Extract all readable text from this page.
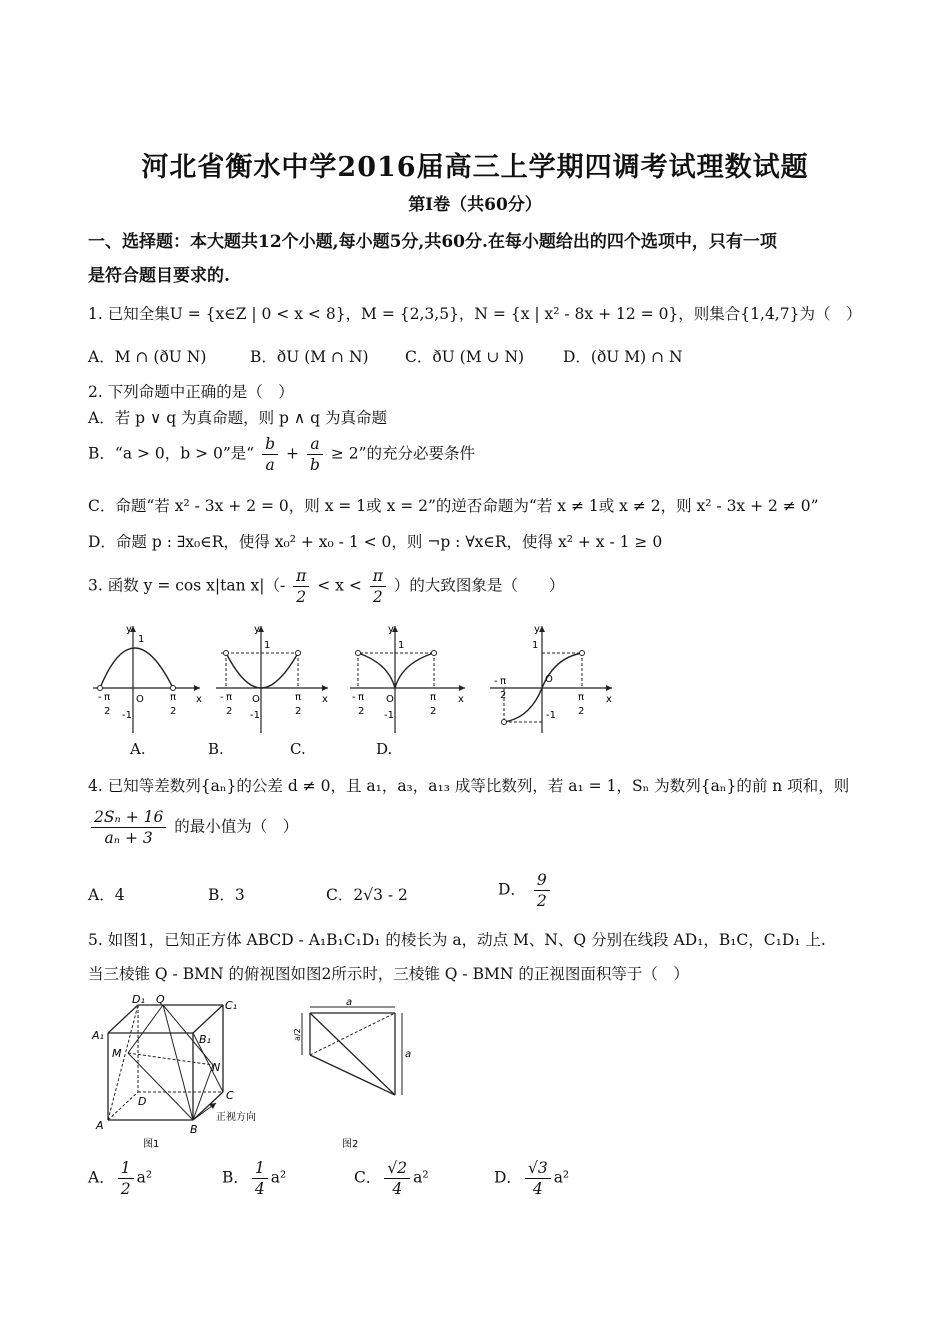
河北省衡水中学2016届高三上学期四调考试理数试题
第Ⅰ卷（共60分）
一、选择题：本大题共12个小题,每小题5分,共60分.在每小题给出的四个选项中，只有一项
是符合题目要求的.
1. 已知全集U = {x∈Z | 0 < x < 8}，M = {2,3,5}，N = {x | x² - 8x + 12 = 0}，则集合{1,4,7}为（　）
A．M ∩ (ðU N)	B．ðU (M ∩ N) C．ðU (M ∪ N)	D．(ðU M) ∩ N
2. 下列命题中正确的是（　）
A．若 p ∨ q 为真命题，则 p ∧ q 为真命题
B．“a > 0，b > 0”是“ $\frac{b}{a} + \frac{a}{b} \ge 2$”的充分必要条件
C．命题“若 x² - 3x + 2 = 0，则 x = 1或 x = 2”的逆否命题为“若 x ≠ 1或 x ≠ 2，则 x² - 3x + 2 ≠ 0”
D．命题 p : ∃x₀∈R，使得 x₀² + x₀ - 1 < 0，则 ¬p : ∀x∈R，使得 x² + x - 1 ≥ 0
3. 函数 y = cos x|tan $x|(- \frac{\pi}{2} < x < \frac{\pi}{2}$ ）的大致图象是（　　）
y
x
1
O
-1
- π
2
π
2
y
x
1
O
-1
- π
2
π
2
y
x
1
O
-1
- π
2
π
2
y
x
1
O
-1
- π
2	π
2
A.	B.	C.	D.
4. 已知等差数列{aₙ}的公差 d ≠ 0，且 a₁，a₃，a₁₃ 成等比数列，若 a₁ = 1，Sₙ 为数列{aₙ}的前 n 项和，则
$\frac{\text{2Sₙ + 16}}{\text{aₙ + 3}}$ 的最小值为（　）
A．4	B．3	C．2√3 - 2	D． $\frac{9}{2}$
5. 如图1，已知正方体 ABCD - A₁B₁C₁D₁ 的棱长为 a，动点 M、N、Q 分别在线段 AD₁，B₁C，C₁D₁ 上.
当三棱锥 Q - BMN 的俯视图如图2所示时，三棱锥 Q - BMN 的正视图面积等于（　）
A	B
C
D
A₁	B₁
C₁
D₁
M
N
Q
正视方向
图1
a
a
a/2
图2
A． $\frac{1}{2} a^2$	B． $\frac{1}{4} a^2$	C． $\frac{√2}{4} a^2$	D． $\frac{√3}{4} a^2$
